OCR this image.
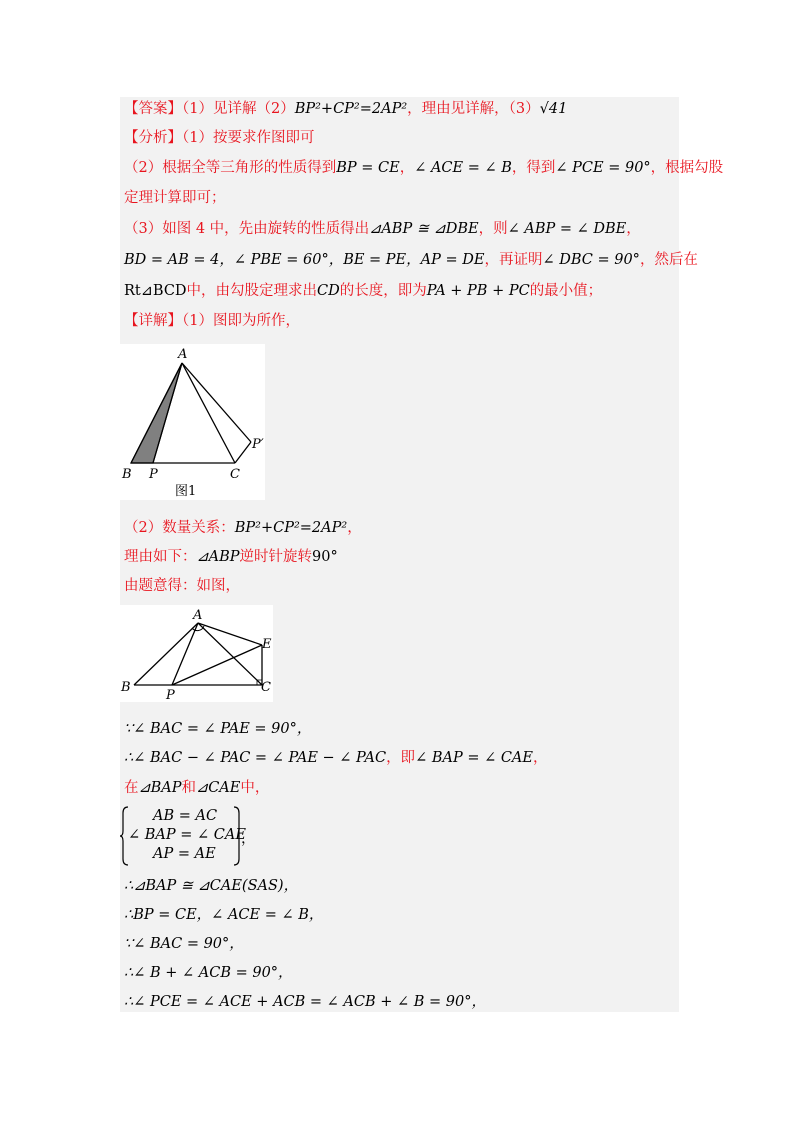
【答案】（1）见详解（2）BP²+CP²=2AP²，理由见详解，（3）√41
【分析】（1）按要求作图即可
（2）根据全等三角形的性质得到BP = CE，∠ ACE = ∠ B，得到∠ PCE = 90°，根据勾股
定理计算即可；
（3）如图 4 中，先由旋转的性质得出⊿ABP ≅ ⊿DBE，则∠ ABP = ∠ DBE，
BD = AB = 4，∠ PBE = 60°，BE = PE，AP = DE，再证明∠ DBC = 90°，然后在
Rt⊿BCD中，由勾股定理求出CD的长度，即为PA + PB + PC的最小值；
【详解】（1）图即为所作，
A
B P	C
P′
图1
（2）数量关系：BP²+CP²=2AP²，
理由如下：⊿ABP逆时针旋转90°
由题意得：如图，
A
B
P
C
E
∵∠ BAC = ∠ PAE = 90°，
∴∠ BAC − ∠ PAC = ∠ PAE − ∠ PAC，即∠ BAP = ∠ CAE，
在⊿BAP和⊿CAE中，
AB = AC
∠ BAP = ∠ CAE
AP = AE
，
∴⊿BAP ≅ ⊿CAE(SAS)，
∴BP = CE，∠ ACE = ∠ B，
∵∠ BAC = 90°，
∴∠ B + ∠ ACB = 90°，
∴∠ PCE = ∠ ACE + ACB = ∠ ACB + ∠ B = 90°，
